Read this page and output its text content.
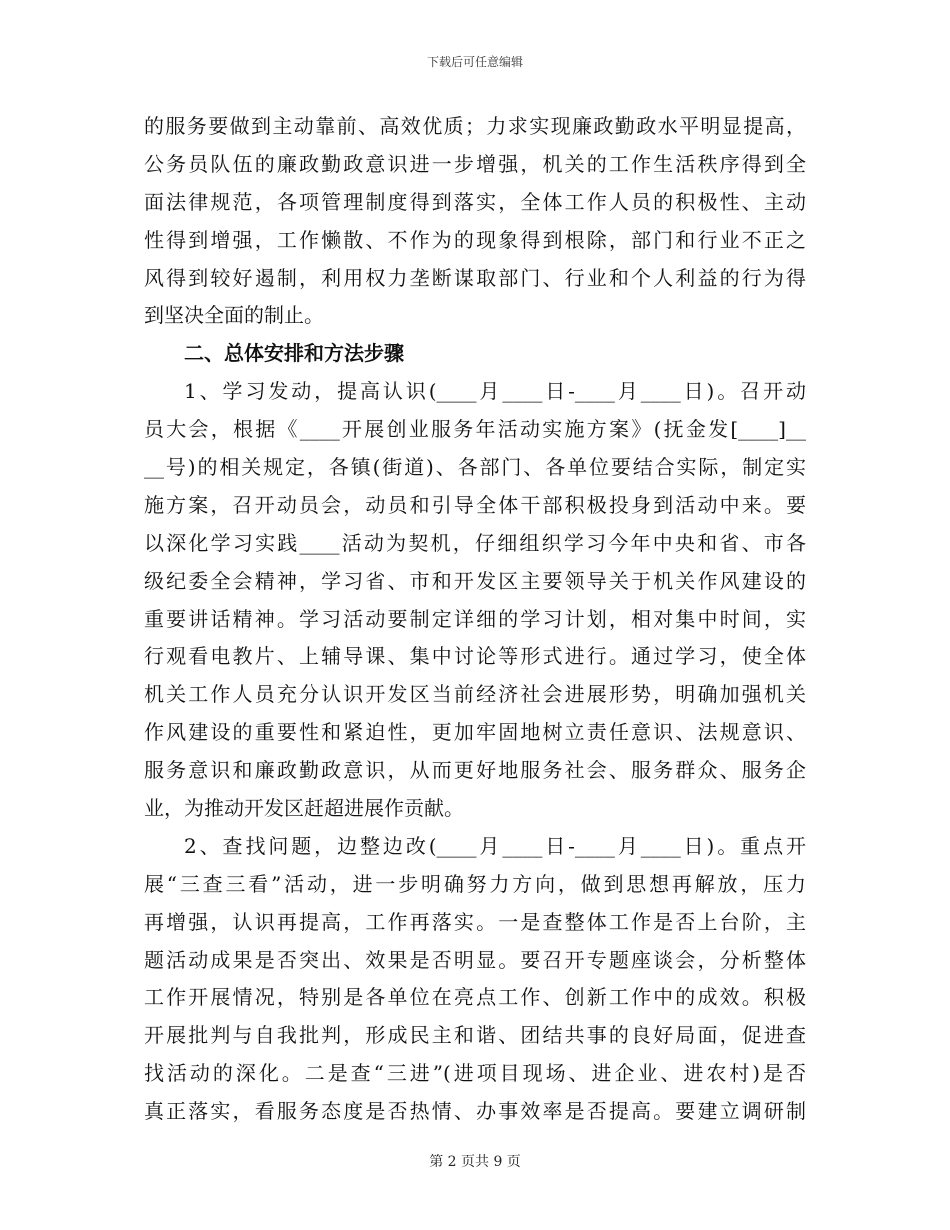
下载后可任意编辑
的服务要做到主动靠前、高效优质；力求实现廉政勤政水平明显提高，
公务员队伍的廉政勤政意识进一步增强，机关的工作生活秩序得到全
面法律规范，各项管理制度得到落实，全体工作人员的积极性、主动
性得到增强，工作懒散、不作为的现象得到根除，部门和行业不正之
风得到较好遏制，利用权力垄断谋取部门、行业和个人利益的行为得
到坚决全面的制止。
二、总体安排和方法步骤
1、学习发动，提高认识(____月____日-____月____日)。召开动
员大会，根据《____开展创业服务年活动实施方案》(抚金发[____]__
__号)的相关规定，各镇(街道)、各部门、各单位要结合实际，制定实
施方案，召开动员会，动员和引导全体干部积极投身到活动中来。要
以深化学习实践____活动为契机，仔细组织学习今年中央和省、市各
级纪委全会精神，学习省、市和开发区主要领导关于机关作风建设的
重要讲话精神。学习活动要制定详细的学习计划，相对集中时间，实
行观看电教片、上辅导课、集中讨论等形式进行。通过学习，使全体
机关工作人员充分认识开发区当前经济社会进展形势，明确加强机关
作风建设的重要性和紧迫性，更加牢固地树立责任意识、法规意识、
服务意识和廉政勤政意识，从而更好地服务社会、服务群众、服务企
业，为推动开发区赶超进展作贡献。
2、查找问题，边整边改(____月____日-____月____日)。重点开
展“三查三看”活动，进一步明确努力方向，做到思想再解放，压力
再增强，认识再提高，工作再落实。一是查整体工作是否上台阶，主
题活动成果是否突出、效果是否明显。要召开专题座谈会，分析整体
工作开展情况，特别是各单位在亮点工作、创新工作中的成效。积极
开展批判与自我批判，形成民主和谐、团结共事的良好局面，促进查
找活动的深化。二是查“三进”(进项目现场、进企业、进农村)是否
真正落实，看服务态度是否热情、办事效率是否提高。要建立调研制
第 2 页共 9 页
